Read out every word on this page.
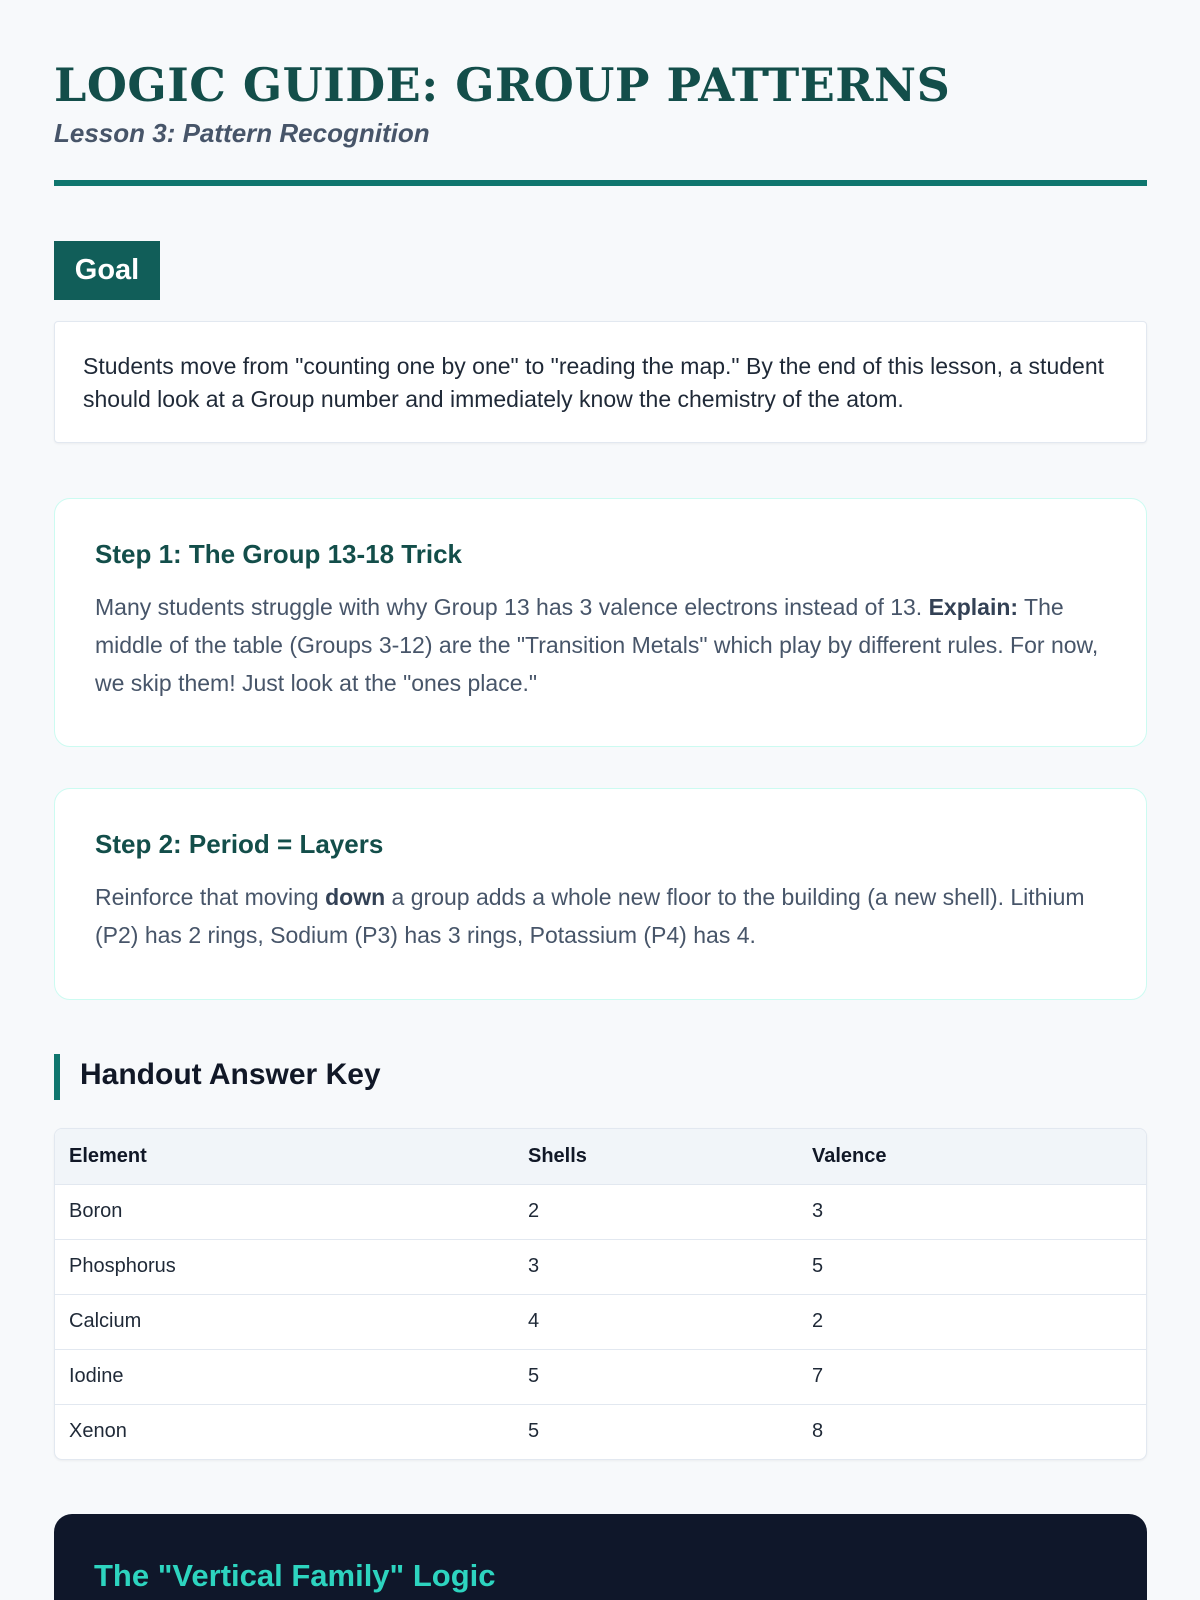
LOGIC GUIDE: GROUP PATTERNS
Lesson 3: Pattern Recognition
Goal
Students move from "counting one by one" to "reading the map." By the end of this lesson, a student should look at a Group number and immediately know the chemistry of the atom.
Step 1: The Group 13-18 Trick

Many students struggle with why Group 13 has 3 valence electrons instead of 13. Explain: The middle of the table (Groups 3-12) are the "Transition Metals" which play by different rules. For now, we skip them! Just look at the "ones place."

Step 2: Period = Layers

Reinforce that moving down a group adds a whole new floor to the building (a new shell). Lithium (P2) has 2 rings, Sodium (P3) has 3 rings, Potassium (P4) has 4.

Handout Answer Key
Element	Shells	Valence
Boron	2	3
Phosphorus	3	5
Calcium	4	2
Iodine	5	7
Xenon	5	8
The "Vertical Family" Logic
